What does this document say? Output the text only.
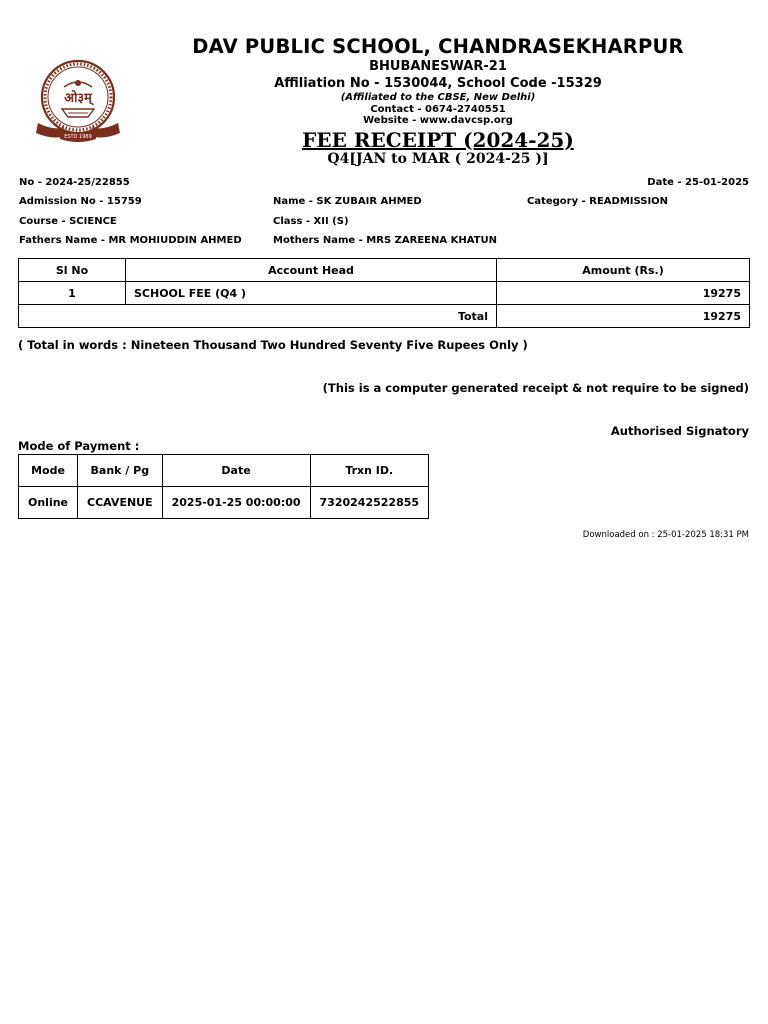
ओ३म्
ESTD 1989
DAV PUBLIC SCHOOL, CHANDRASEKHARPUR
BHUBANESWAR-21
Affiliation No - 1530044, School Code -15329
(Affiliated to the CBSE, New Delhi)
Contact - 0674-2740551
Website - www.davcsp.org
FEE RECEIPT (2024-25)
Q4[JAN to MAR ( 2024-25 )]
No - 2024-25/22855	Date - 25-01-2025
Admission No - 15759	Name - SK ZUBAIR AHMED	Category - READMISSION
Course - SCIENCE	Class - XII (S)
Fathers Name - MR MOHIUDDIN AHMED	Mothers Name - MRS ZAREENA KHATUN
Sl No	Account Head	Amount (Rs.)
1	SCHOOL FEE (Q4 )	19275
Total		19275
( Total in words : Nineteen Thousand Two Hundred Seventy Five Rupees Only )
(This is a computer generated receipt & not require to be signed)
Authorised Signatory
Mode of Payment :
Mode	Bank / Pg	Date	Trxn ID.
Online	CCAVENUE	2025-01-25 00:00:00	7320242522855
Downloaded on : 25-01-2025 18:31 PM
